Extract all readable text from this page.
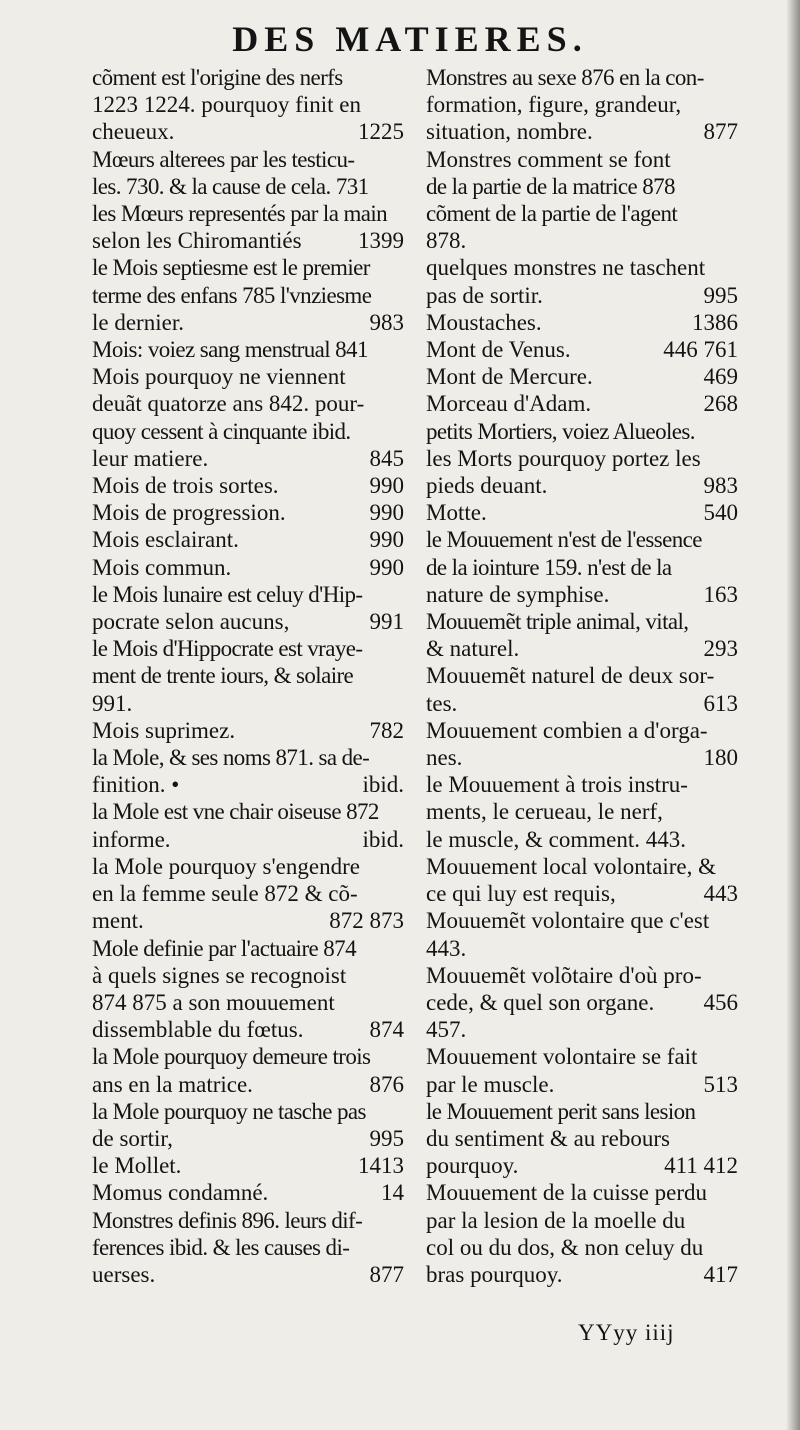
DES MATIERES.
cõment est l'origine des nerfs
1223 1224. pourquoy finit en
1225
cheueux.
Mœurs alterees par les testicu-
les. 730. & la cause de cela. 731
les Mœurs representés par la main
1399
selon les Chiromantiés
le Mois septiesme est le premier
terme des enfans 785 l'vnziesme
983
le dernier.
Mois: voiez sang menstrual 841
Mois pourquoy ne viennent
deuãt quatorze ans 842. pour-
quoy cessent à cinquante ibid.
845
leur matiere.
990
Mois de trois sortes.
990
Mois de progression.
990
Mois esclairant.
990
Mois commun.
le Mois lunaire est celuy d'Hip-
991
pocrate selon aucuns,
le Mois d'Hippocrate est vraye-
ment de trente iours, & solaire
991.
782
Mois suprimez.
la Mole, & ses noms 871. sa de-
ibid.
finition. •
la Mole est vne chair oiseuse 872
ibid.
informe.
la Mole pourquoy s'engendre
en la femme seule 872 & cõ-
872 873
ment.
Mole definie par l'actuaire 874
à quels signes se recognoist
874 875 a son mouuement
874
dissemblable du fœtus.
la Mole pourquoy demeure trois
876
ans en la matrice.
la Mole pourquoy ne tasche pas
995
de sortir,
1413
le Mollet.
14
Momus condamné.
Monstres definis 896. leurs dif-
ferences ibid. & les causes di-
877
uerses.
Monstres au sexe 876 en la con-
formation, figure, grandeur,
877
situation, nombre.
Monstres comment se font
de la partie de la matrice 878
cõment de la partie de l'agent
878.
quelques monstres ne taschent
995
pas de sortir.
1386
Moustaches.
446 761
Mont de Venus.
469
Mont de Mercure.
268
Morceau d'Adam.
petits Mortiers, voiez Alueoles.
les Morts pourquoy portez les
983
pieds deuant.
540
Motte.
le Mouuement n'est de l'essence
de la iointure 159. n'est de la
163
nature de symphise.
Mouuemẽt triple animal, vital,
293
& naturel.
Mouuemẽt naturel de deux sor-
613
tes.
Mouuement combien a d'orga-
180
nes.
le Mouuement à trois instru-
ments, le cerueau, le nerf,
le muscle, & comment. 443.
Mouuement local volontaire, &
443
ce qui luy est requis,
Mouuemẽt volontaire que c'est
443.
Mouuemẽt volõtaire d'où pro-
456
cede, & quel son organe.
457.
Mouuement volontaire se fait
513
par le muscle.
le Mouuement perit sans lesion
du sentiment & au rebours
411 412
pourquoy.
Mouuement de la cuisse perdu
par la lesion de la moelle du
col ou du dos, & non celuy du
417
bras pourquoy.
YYyy iiij
